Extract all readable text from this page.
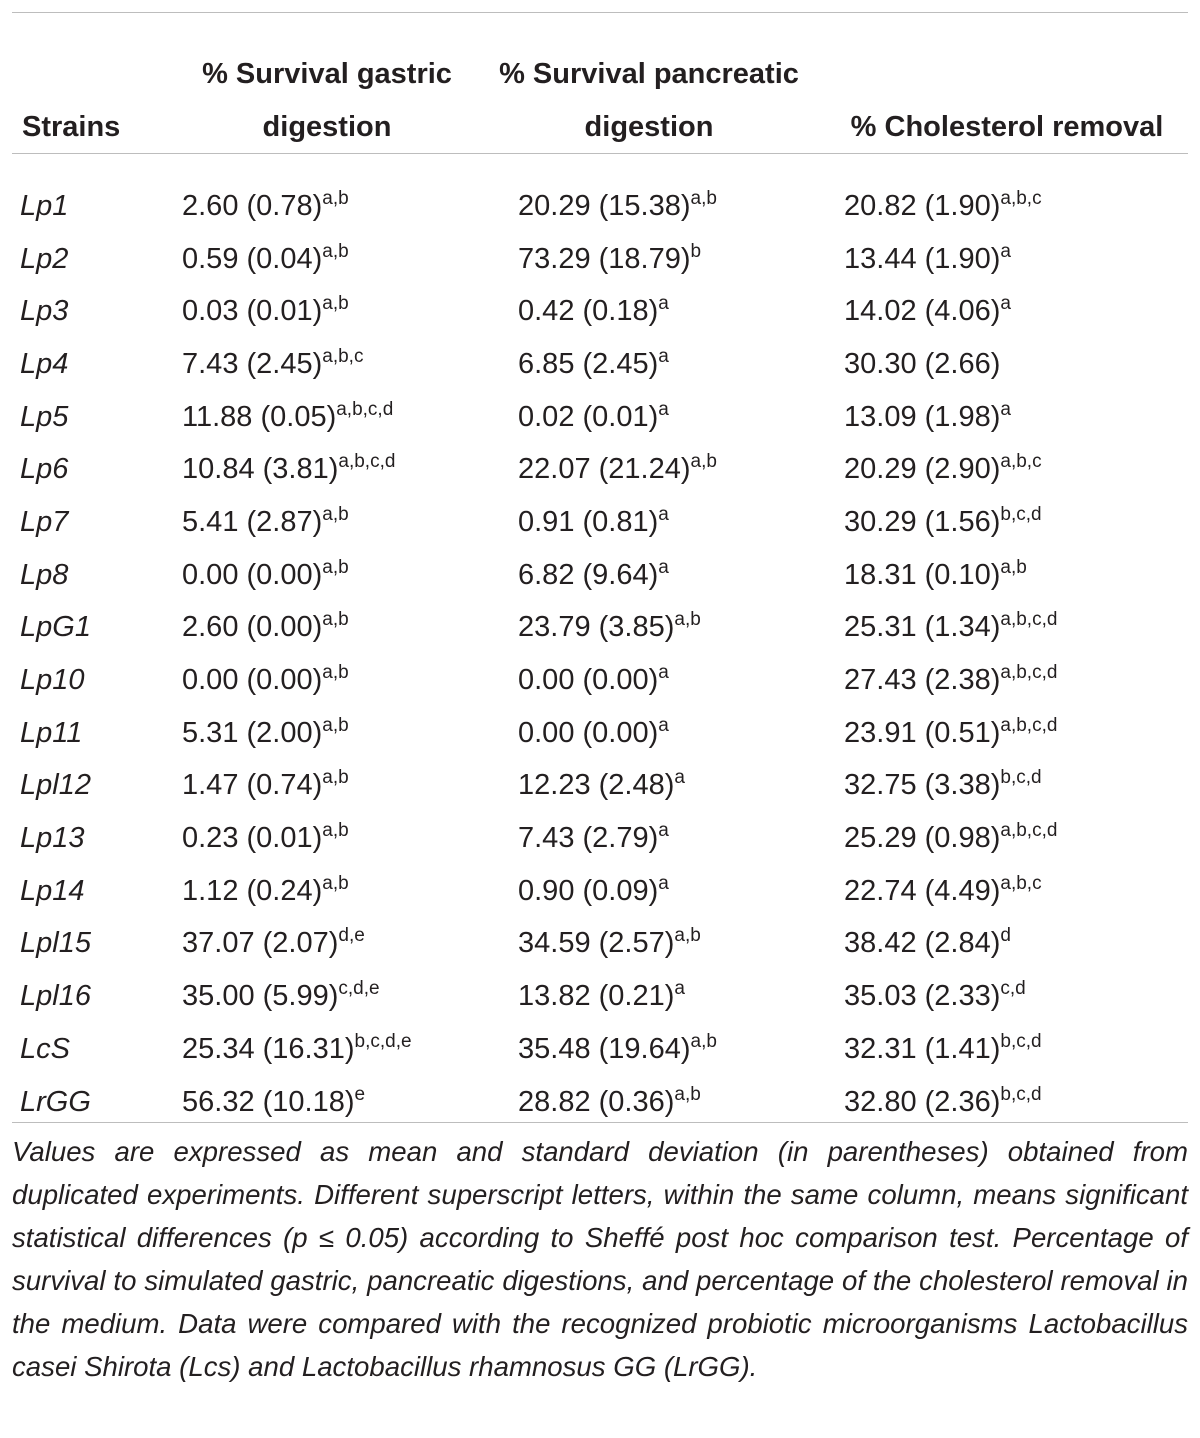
Strains	% Survival gastric digestion	% Survival pancreatic digestion	% Cholesterol removal

Lp1	2.60 $(0.78)^{a,b}$	20.29 $(15.38)^{a,b}$	20.82 $(1.90)^{a,b,c}$
Lp2	0.59 $(0.04)^{a,b}$	73.29 $(18.79)^b$	13.44 $(1.90)^a$
Lp3	0.03 $(0.01)^{a,b}$	0.42 $(0.18)^a$	14.02 $(4.06)^a$
Lp4	7.43 $(2.45)^{a,b,c}$	6.85 $(2.45)^a$	30.30 (2.66)
Lp5	11.88 $(0.05)^{a,b,c,d}$	0.02 $(0.01)^a$	13.09 $(1.98)^a$
Lp6	10.84 $(3.81)^{a,b,c,d}$	22.07 $(21.24)^{a,b}$	20.29 $(2.90)^{a,b,c}$
Lp7	5.41 $(2.87)^{a,b}$	0.91 $(0.81)^a$	30.29 $(1.56)^{b,c,d}$
Lp8	0.00 $(0.00)^{a,b}$	6.82 $(9.64)^a$	18.31 $(0.10)^{a,b}$
LpG1	2.60 $(0.00)^{a,b}$	23.79 $(3.85)^{a,b}$	25.31 $(1.34)^{a,b,c,d}$
Lp10	0.00 $(0.00)^{a,b}$	0.00 $(0.00)^a$	27.43 $(2.38)^{a,b,c,d}$
Lp11	5.31 $(2.00)^{a,b}$	0.00 $(0.00)^a$	23.91 $(0.51)^{a,b,c,d}$
Lpl12	1.47 $(0.74)^{a,b}$	12.23 $(2.48)^a$	32.75 $(3.38)^{b,c,d}$
Lp13	0.23 $(0.01)^{a,b}$	7.43 $(2.79)^a$	25.29 $(0.98)^{a,b,c,d}$
Lp14	1.12 $(0.24)^{a,b}$	0.90 $(0.09)^a$	22.74 $(4.49)^{a,b,c}$
Lpl15	37.07 $(2.07)^{d,e}$	34.59 $(2.57)^{a,b}$	38.42 $(2.84)^d$
Lpl16	35.00 $(5.99)^{c,d,e}$	13.82 $(0.21)^a$	35.03 $(2.33)^{c,d}$
LcS	25.34 $(16.31)^{b,c,d,e}$	35.48 $(19.64)^{a,b}$	32.31 $(1.41)^{b,c,d}$
LrGG	56.32 $(10.18)^e$	28.82 $(0.36)^{a,b}$	32.80 $(2.36)^{b,c,d}$

Values are expressed as mean and standard deviation (in parentheses) obtained from duplicated experiments. Different superscript letters, within the same column, means significant statistical differences (p ≤ 0.05) according to Sheffé post hoc comparison test. Percentage of survival to simulated gastric, pancreatic digestions, and percentage of the cholesterol removal in the medium. Data were compared with the recognized probiotic microorganisms Lactobacillus casei Shirota (Lcs) and Lactobacillus rhamnosus GG (LrGG).
